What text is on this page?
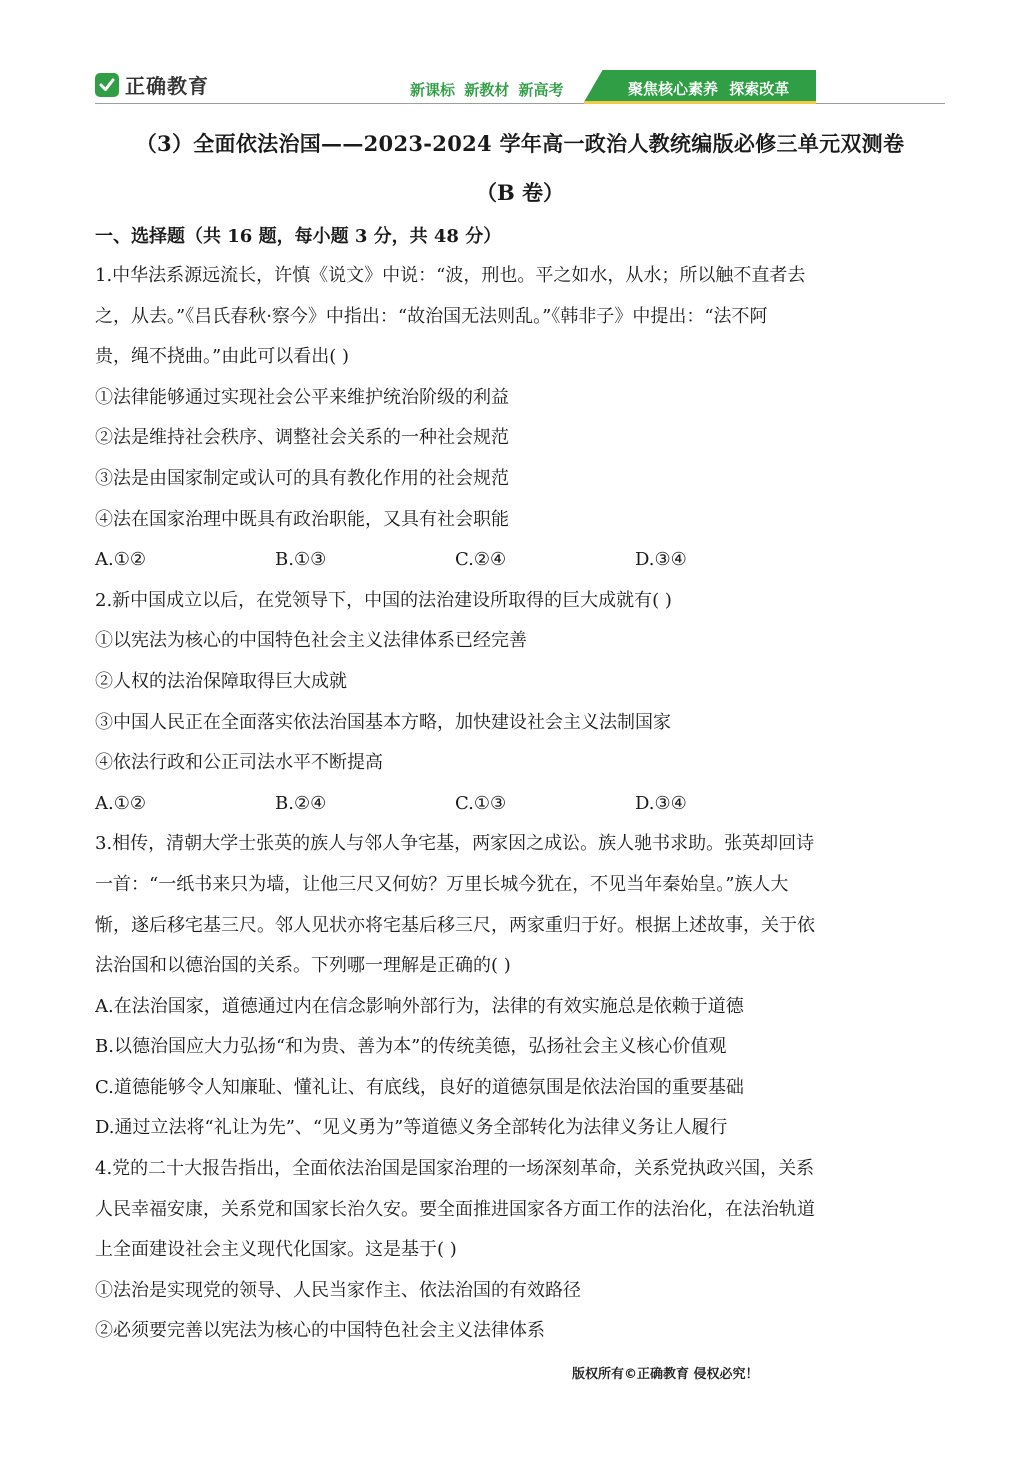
正确教育	新课标 新教材 新高考	聚焦核心素养 探索改革
（3）全面依法治国——2023-2024 学年高一政治人教统编版必修三单元双测卷
（B 卷）
一、选择题（共 16 题，每小题 3 分，共 48 分）
1.中华法系源远流长，许慎《说文》中说：“波，刑也。平之如水，从水；所以触不直者去
之，从去。”《吕氏春秋·察今》中指出：“故治国无法则乱。”《韩非子》中提出：“法不阿
贵，绳不挠曲。”由此可以看出( )
①法律能够通过实现社会公平来维护统治阶级的利益
②法是维持社会秩序、调整社会关系的一种社会规范
③法是由国家制定或认可的具有教化作用的社会规范
④法在国家治理中既具有政治职能，又具有社会职能
A.①②	B.①③	C.②④	D.③④
2.新中国成立以后，在党领导下，中国的法治建设所取得的巨大成就有( )
①以宪法为核心的中国特色社会主义法律体系已经完善
②人权的法治保障取得巨大成就
③中国人民正在全面落实依法治国基本方略，加快建设社会主义法制国家
④依法行政和公正司法水平不断提高
A.①②	B.②④	C.①③	D.③④
3.相传，清朝大学士张英的族人与邻人争宅基，两家因之成讼。族人驰书求助。张英却回诗
一首：“一纸书来只为墙，让他三尺又何妨？万里长城今犹在，不见当年秦始皇。”族人大
惭，遂后移宅基三尺。邻人见状亦将宅基后移三尺，两家重归于好。根据上述故事，关于依
法治国和以德治国的关系。下列哪一理解是正确的( )
A.在法治国家，道德通过内在信念影响外部行为，法律的有效实施总是依赖于道德
B.以德治国应大力弘扬“和为贵、善为本”的传统美德，弘扬社会主义核心价值观
C.道德能够令人知廉耻、懂礼让、有底线，良好的道德氛围是依法治国的重要基础
D.通过立法将“礼让为先”、“见义勇为”等道德义务全部转化为法律义务让人履行
4.党的二十大报告指出，全面依法治国是国家治理的一场深刻革命，关系党执政兴国，关系
人民幸福安康，关系党和国家长治久安。要全面推进国家各方面工作的法治化，在法治轨道
上全面建设社会主义现代化国家。这是基于( )
①法治是实现党的领导、人民当家作主、依法治国的有效路径
②必须要完善以宪法为核心的中国特色社会主义法律体系
版权所有©正确教育 侵权必究！
